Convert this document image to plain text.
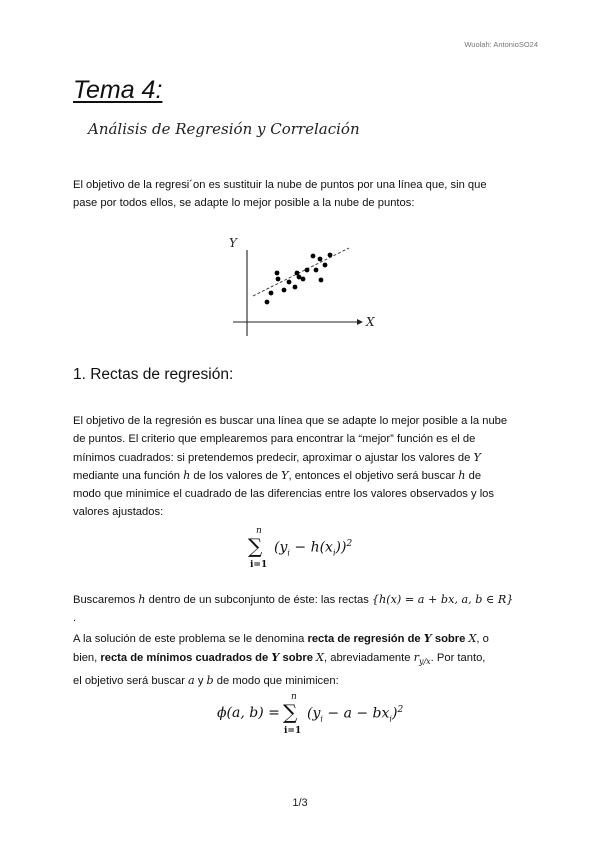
Wuolah: AntonioSO24
Tema 4:
Análisis de Regresión y Correlación
El objetivo de la regresi´on es sustituir la nube de puntos por una línea que, sin que
pase por todos ellos, se adapte lo mejor posible a la nube de puntos:
Y
X
1. Rectas de regresión:
El objetivo de la regresión es buscar una línea que se adapte lo mejor posible a la nube
de puntos. El criterio que emplearemos para encontrar la “mejor” función es el de
mínimos cuadrados: si pretendemos predecir, aproximar o ajustar los valores de Y
mediante una función h de los valores de Y, entonces el objetivo será buscar h de
modo que minimice el cuadrado de las diferencias entre los valores observados y los
valores ajustados:
n
∑
i=1
$(y_i - h(x_i))^2$
Buscaremos h dentro de un subconjunto de éste: las rectas {h(x) = a + bx, a, b ∈ R}
.
A la solución de este problema se le denomina recta de regresión de Y sobre X, o
bien, recta de mínimos cuadrados de Y sobre X, abreviadamente $r_{y/x}$. Por tanto,
el objetivo será buscar a y b de modo que minimicen:
ϕ(a, b) =
n
∑
i=1
$(y_i - a - bx_i)^2$
1/3
